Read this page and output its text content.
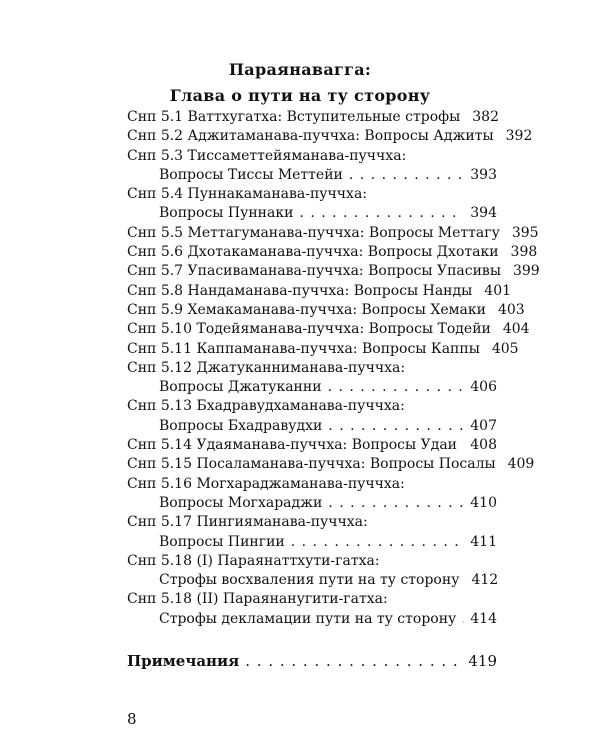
Параянавагга:
Глава о пути на ту сторону
Снп 5.1 Ваттхугатха: Вступительные строфы 382
Снп 5.2 Аджитаманава-пуччха: Вопросы Аджиты 392
Снп 5.3 Тиссаметтейяманава-пуччха:
Вопросы Тиссы Меттейи . . .	393
Снп 5.4 Пуннакаманава-пуччха:
Вопросы Пуннаки . . .	394
Снп 5.5 Меттагуманава-пуччха: Вопросы Меттагу 395
Снп 5.6 Дхотакаманава-пуччха: Вопросы Дхотаки 398
Снп 5.7 Упасиваманава-пуччха: Вопросы Упасивы 399
Снп 5.8 Нандаманава-пуччха: Вопросы Нанды 401
Снп 5.9 Хемакаманава-пуччха: Вопросы Хемаки 403
Снп 5.10 Тодейяманава-пуччха: Вопросы Тодейи 404
Снп 5.11 Каппаманава-пуччха: Вопросы Каппы 405
Снп 5.12 Джатуканниманава-пуччха:
Вопросы Джатуканни . . .	406
Снп 5.13 Бхадравудхаманава-пуччха:
Вопросы Бхадравудхи . . .	407
Снп 5.14 Удаяманава-пуччха: Вопросы Удаи . . . 408
Снп 5.15 Посаламанава-пуччха: Вопросы Посалы 409
Снп 5.16 Могхараджаманава-пуччха:
Вопросы Могхараджи . . .	410
Снп 5.17 Пингияманава-пуччха:
Вопросы Пингии . . .	411
Снп 5.18 (I) Параянаттхути-гатха:
Строфы восхваления пути на ту сторону 412
Снп 5.18 (II) Параянанугити-гатха:
Строфы декламации пути на ту сторону . . . 414
Примечания . . .	419
8
